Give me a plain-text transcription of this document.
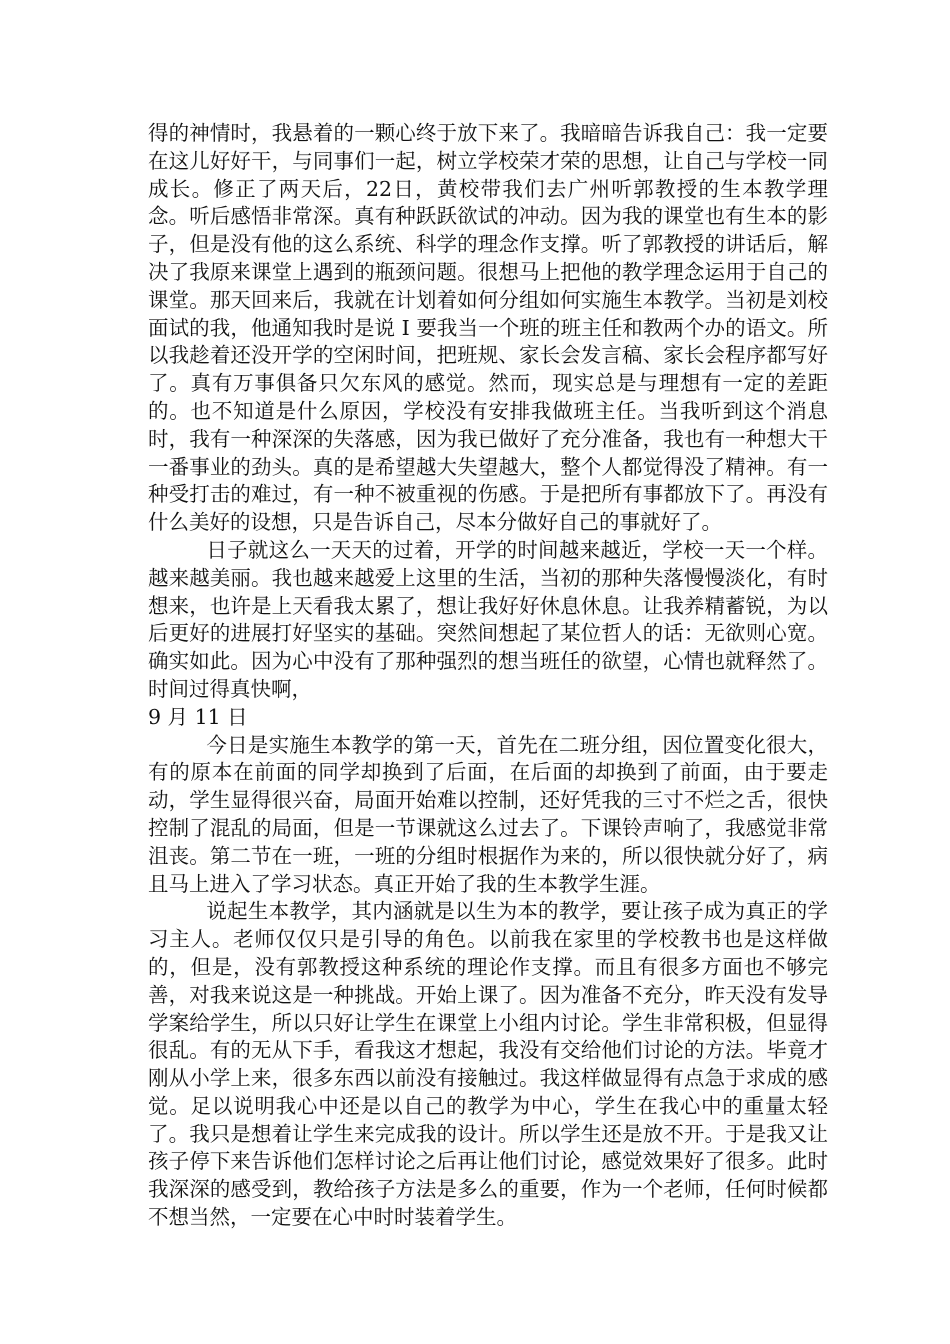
得的神情时，我悬着的一颗心终于放下来了。我暗暗告诉我自己：我一定要在这儿好好干，与同事们一起，树立学校荣才荣的思想，让自己与学校一同成长。修正了两天后，22日，黄校带我们去广州听郭教授的生本教学理念。听后感悟非常深。真有种跃跃欲试的冲动。因为我的课堂也有生本的影子，但是没有他的这么系统、科学的理念作支撑。听了郭教授的讲话后，解决了我原来课堂上遇到的瓶颈问题。很想马上把他的教学理念运用于自己的课堂。那天回来后，我就在计划着如何分组如何实施生本教学。当初是刘校面试的我，他通知我时是说 I 要我当一个班的班主任和教两个办的语文。所以我趁着还没开学的空闲时间，把班规、家长会发言稿、家长会程序都写好了。真有万事俱备只欠东风的感觉。然而，现实总是与理想有一定的差距的。也不知道是什么原因，学校没有安排我做班主任。当我听到这个消息时，我有一种深深的失落感，因为我已做好了充分准备，我也有一种想大干一番事业的劲头。真的是希望越大失望越大，整个人都觉得没了精神。有一种受打击的难过，有一种不被重视的伤感。于是把所有事都放下了。再没有什么美好的设想，只是告诉自己，尽本分做好自己的事就好了。

日子就这么一天天的过着，开学的时间越来越近，学校一天一个样。越来越美丽。我也越来越爱上这里的生活，当初的那种失落慢慢淡化，有时想来，也许是上天看我太累了，想让我好好休息休息。让我养精蓄锐，为以后更好的进展打好坚实的基础。突然间想起了某位哲人的话：无欲则心宽。确实如此。因为心中没有了那种强烈的想当班任的欲望，心情也就释然了。时间过得真快啊，

9 月 11 日

今日是实施生本教学的第一天，首先在二班分组，因位置变化很大，有的原本在前面的同学却换到了后面，在后面的却换到了前面，由于要走动，学生显得很兴奋，局面开始难以控制，还好凭我的三寸不烂之舌，很快控制了混乱的局面，但是一节课就这么过去了。下课铃声响了，我感觉非常沮丧。第二节在一班，一班的分组时根据作为来的，所以很快就分好了，病且马上进入了学习状态。真正开始了我的生本教学生涯。

说起生本教学，其内涵就是以生为本的教学，要让孩子成为真正的学习主人。老师仅仅只是引导的角色。以前我在家里的学校教书也是这样做的，但是，没有郭教授这种系统的理论作支撑。而且有很多方面也不够完善，对我来说这是一种挑战。开始上课了。因为准备不充分，昨天没有发导学案给学生，所以只好让学生在课堂上小组内讨论。学生非常积极，但显得很乱。有的无从下手，看我这才想起，我没有交给他们讨论的方法。毕竟才刚从小学上来，很多东西以前没有接触过。我这样做显得有点急于求成的感觉。足以说明我心中还是以自己的教学为中心，学生在我心中的重量太轻了。我只是想着让学生来完成我的设计。所以学生还是放不开。于是我又让孩子停下来告诉他们怎样讨论之后再让他们讨论，感觉效果好了很多。此时我深深的感受到，教给孩子方法是多么的重要，作为一个老师，任何时候都不想当然，一定要在心中时时装着学生。
